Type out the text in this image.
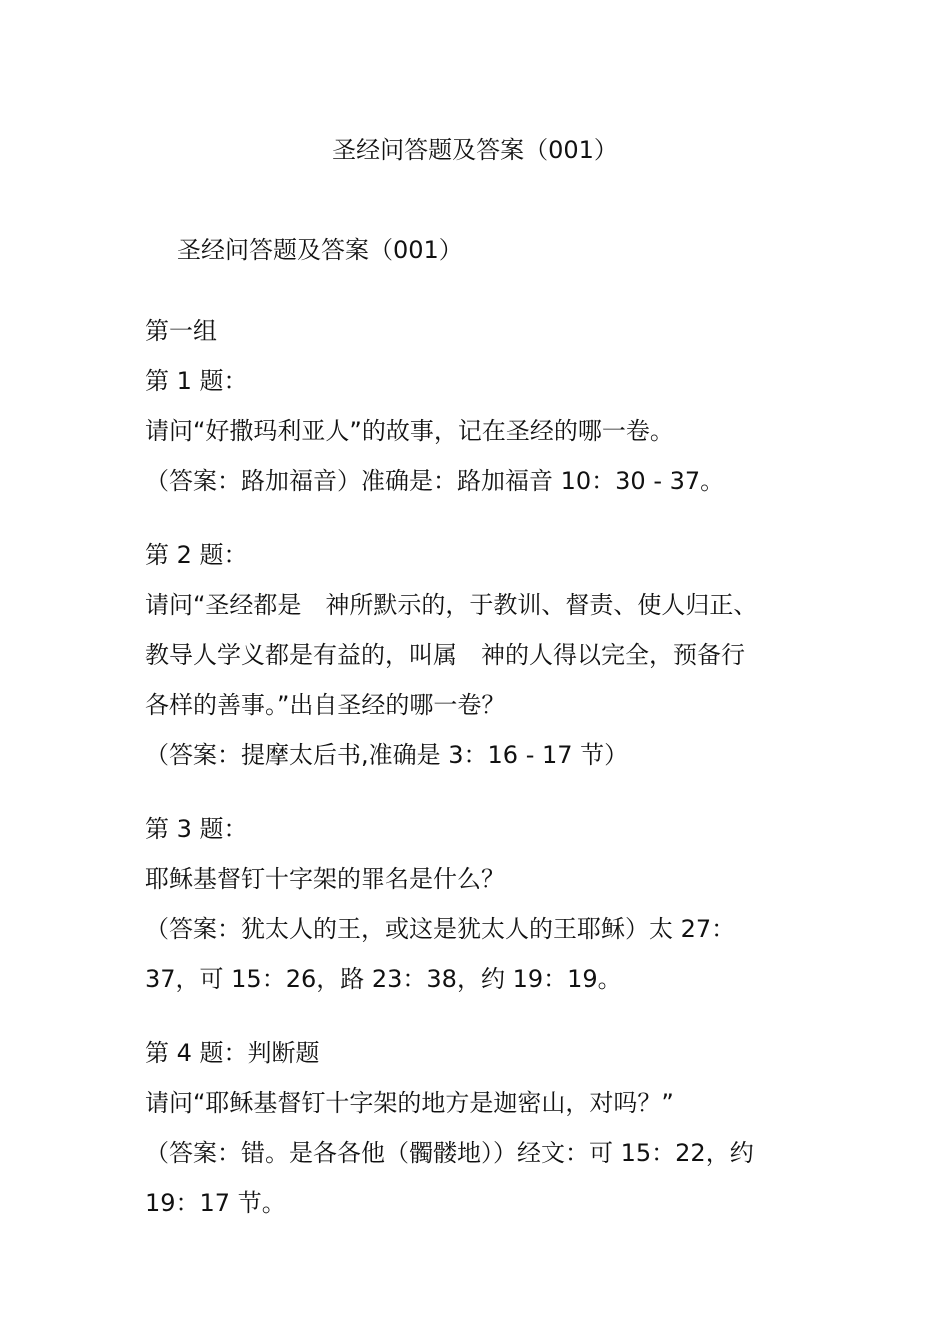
圣经问答题及答案（001）
圣经问答题及答案（001）
第一组
第 1 题：
请问“好撒玛利亚人”的故事，记在圣经的哪一卷。
（答案：路加福音）准确是：路加福音 10：30 - 37。
第 2 题：
请问“圣经都是　神所默示的，于教训、督责、使人归正、
教导人学义都是有益的，叫属　神的人得以完全，预备行
各样的善事。”出自圣经的哪一卷？
（答案：提摩太后书,准确是 3：16 - 17 节）
第 3 题：
耶稣基督钉十字架的罪名是什么？
（答案：犹太人的王，或这是犹太人的王耶稣）太 27：
37，可 15：26，路 23：38，约 19：19。
第 4 题：判断题
请问“耶稣基督钉十字架的地方是迦密山，对吗？”
（答案：错。是各各他（髑髅地））经文：可 15：22，约
19：17 节。
